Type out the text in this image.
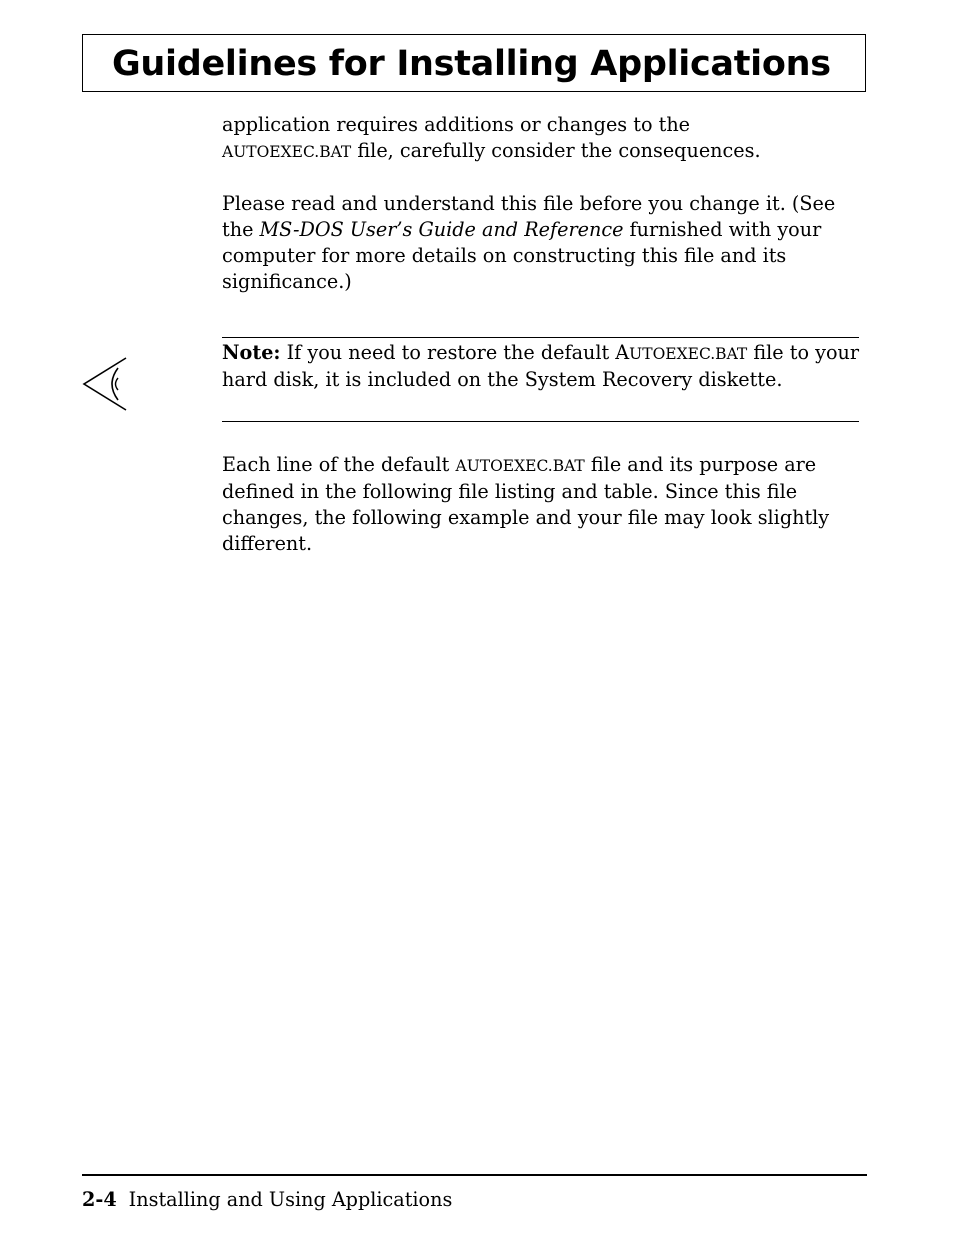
Guidelines for Installing Applications

application requires additions or changes to the
AUTOEXEC.BAT file, carefully consider the consequences.

Please read and understand this file before you change it. (See the MS-DOS User’s Guide and Reference furnished with your computer for more details on constructing this file and its significance.)

Note: If you need to restore the default AUTOEXEC.BAT file to your hard disk, it is included on the System Recovery diskette.

Each line of the default AUTOEXEC.BAT file and its purpose are defined in the following file listing and table. Since this file changes, the following example and your file may look slightly different.

2-4 Installing and Using Applications
